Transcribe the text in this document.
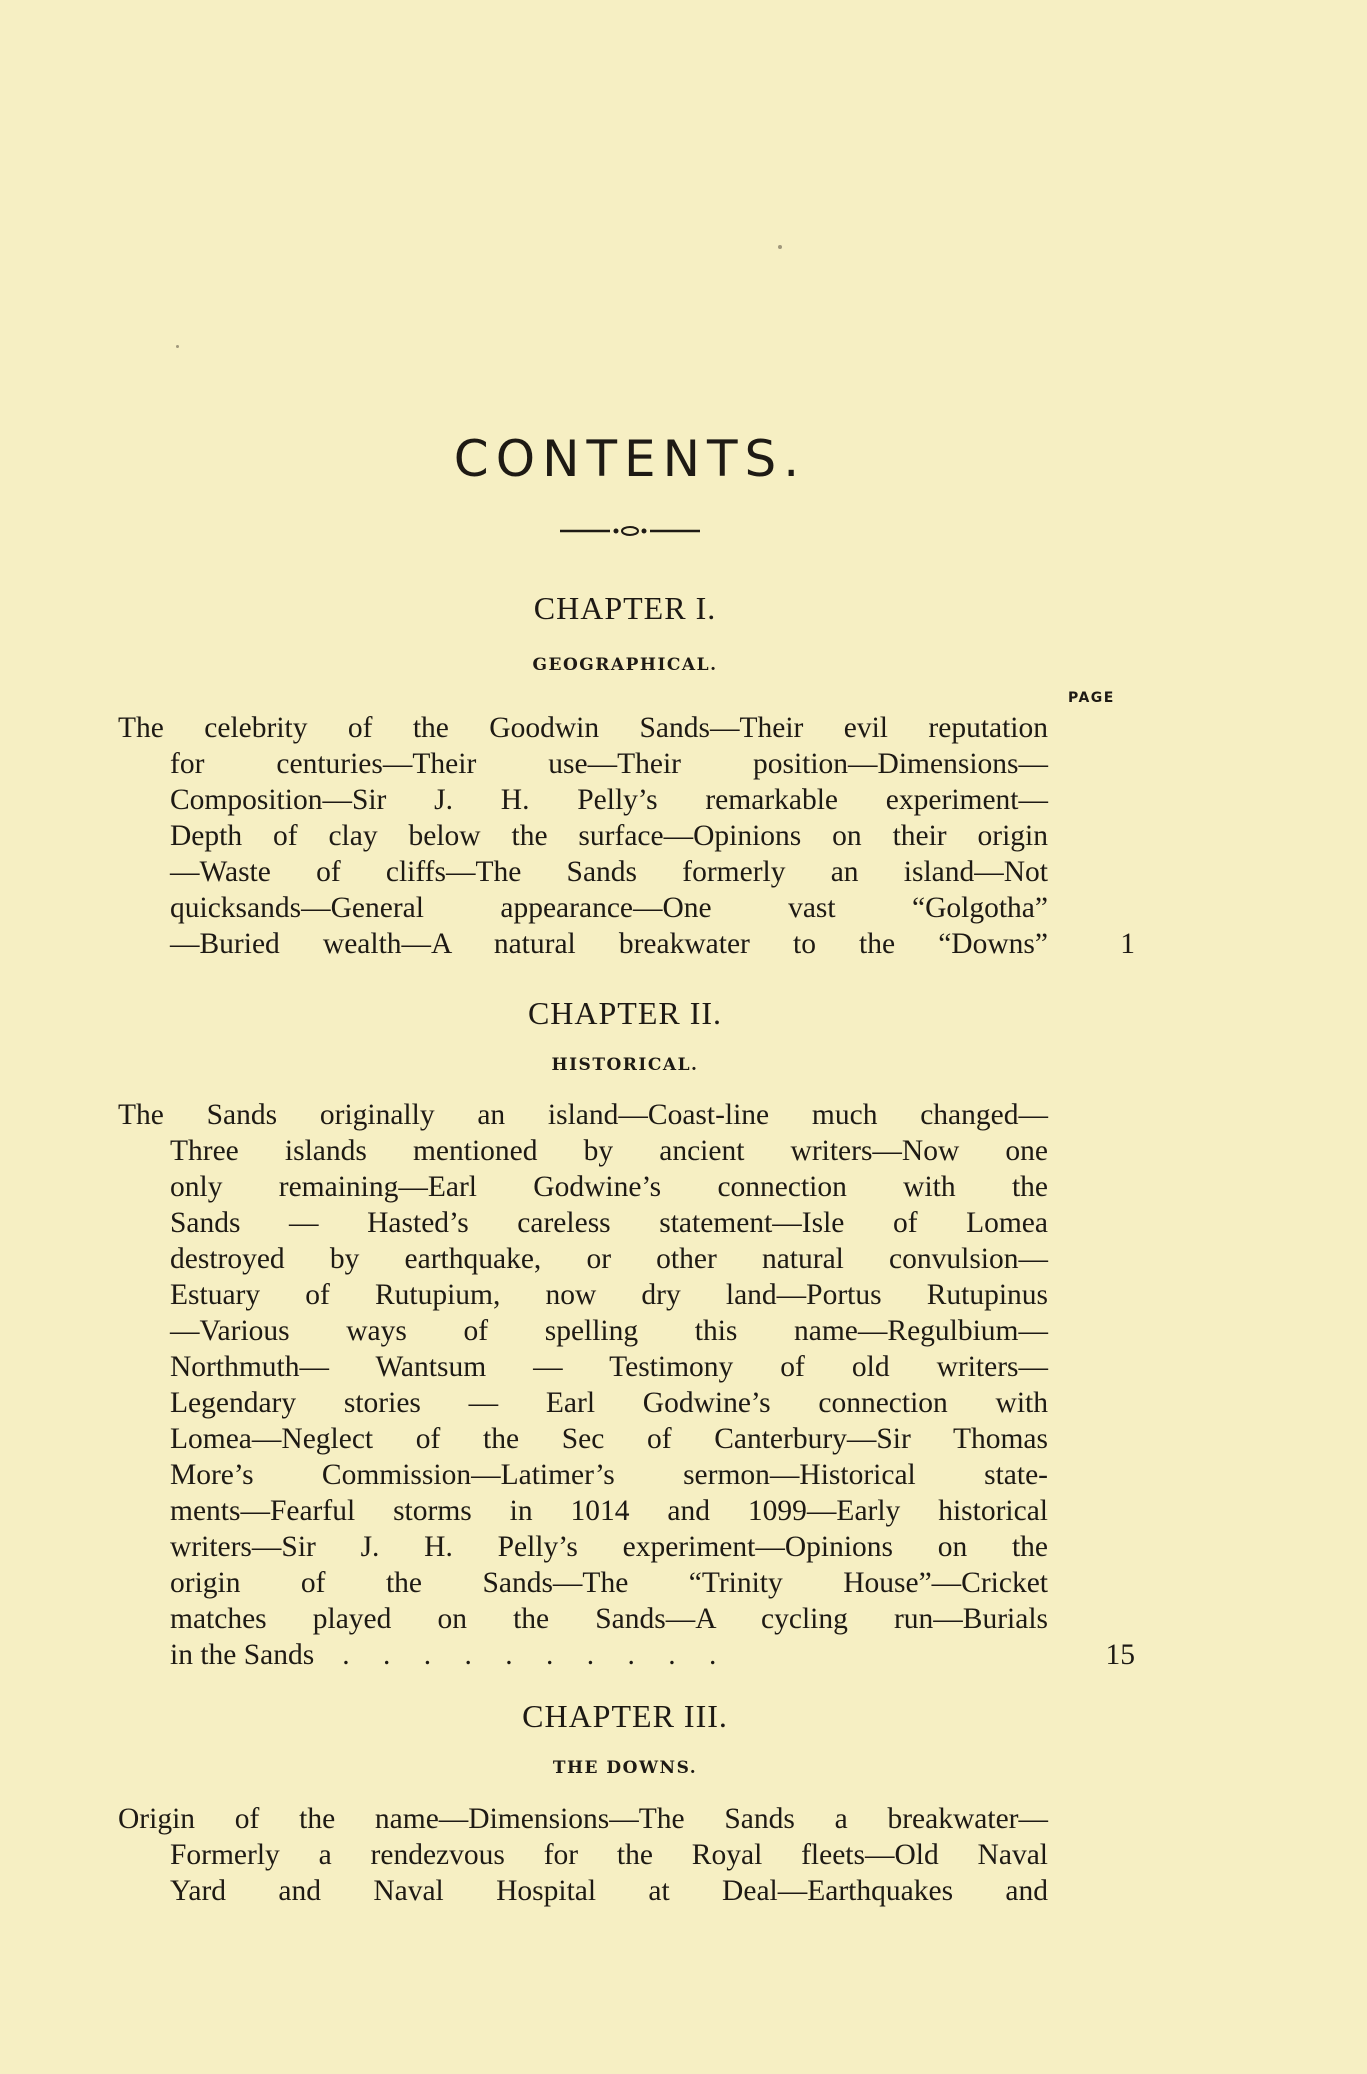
CONTENTS.
CHAPTER I.
GEOGRAPHICAL.
PAGE
The celebrity of the Goodwin Sands—Their evil reputation
for centuries—Their use—Their position—Dimensions—
Composition—Sir J. H. Pelly’s remarkable experiment—
Depth of clay below the surface—Opinions on their origin
—Waste of cliffs—The Sands formerly an island—Not
quicksands—General appearance—One vast “Golgotha”
—Buried wealth—A natural breakwater to the “Downs”	1
CHAPTER II.
HISTORICAL.
The Sands originally an island—Coast-line much changed—
Three islands mentioned by ancient writers—Now one
only remaining—Earl Godwine’s connection with the
Sands — Hasted’s careless statement—Isle of Lomea
destroyed by earthquake, or other natural convulsion—
Estuary of Rutupium, now dry land—Portus Rutupinus
—Various ways of spelling this name—Regulbium—
Northmuth— Wantsum — Testimony of old writers—
Legendary stories — Earl Godwine’s connection with
Lomea—Neglect of the Sec of Canterbury—Sir Thomas
More’s Commission—Latimer’s sermon—Historical state-
ments—Fearful storms in 1014 and 1099—Early historical
writers—Sir J. H. Pelly’s experiment—Opinions on the
origin of the Sands—The “Trinity House”—Cricket
matches played on the Sands—A cycling run—Burials
in the Sands . . . . . . . . . .	15
CHAPTER III.
THE DOWNS.
Origin of the name—Dimensions—The Sands a breakwater—
Formerly a rendezvous for the Royal fleets—Old Naval
Yard and Naval Hospital at Deal—Earthquakes and
